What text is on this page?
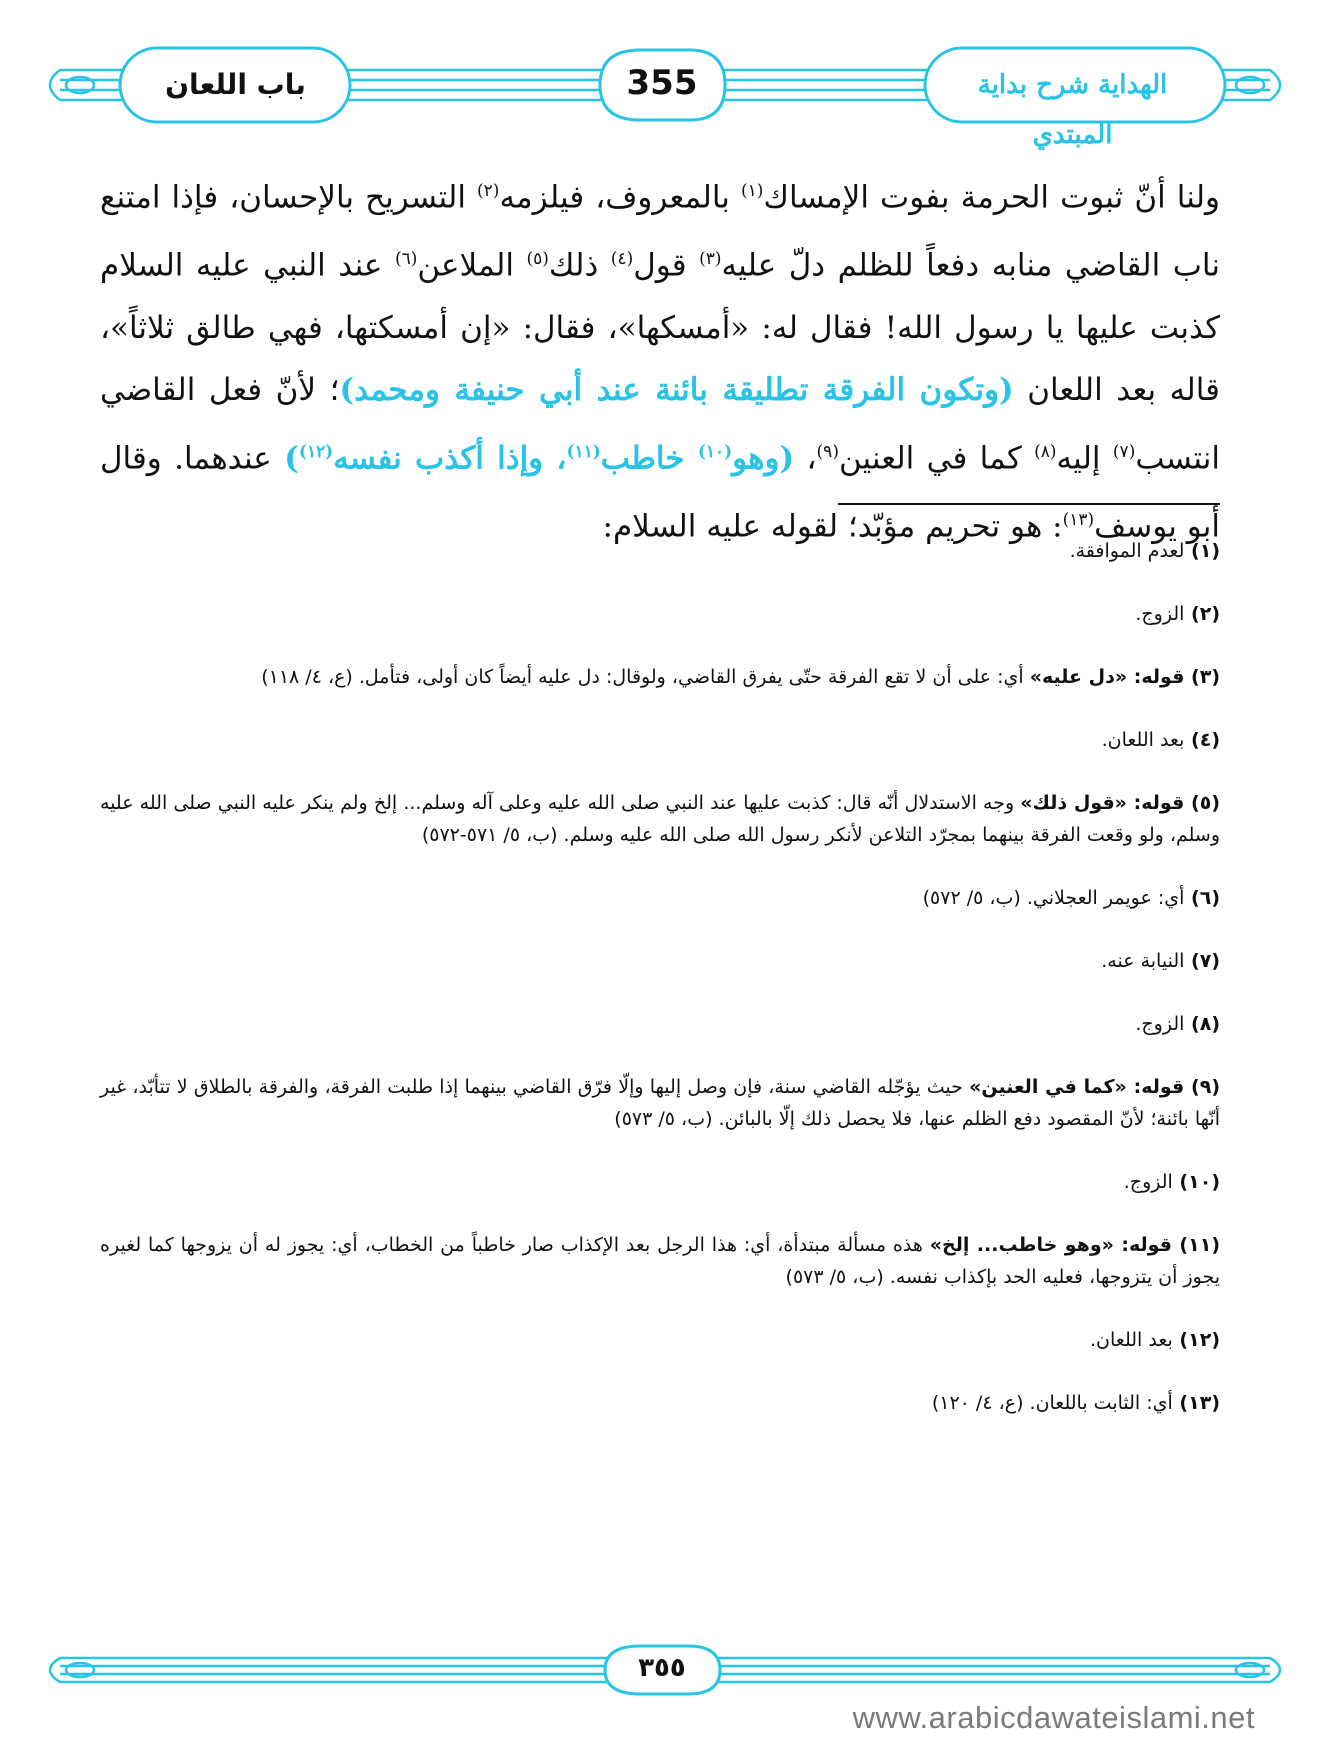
باب اللعان	355	الهداية شرح بداية المبتدي

ولنا أنّ ثبوت الحرمة بفوت الإمساك$^{(١)}$ بالمعروف، فيلزمه$^{(٢)}$ التسريح بالإحسان، فإذا امتنع ناب القاضي منابه دفعاً للظلم دلّ عليه$^{(٣)}$ قول$^{(٤)}$ ذلك$^{(٥)}$ الملاعن$^{(٦)}$ عند النبي عليه السلام كذبت عليها يا رسول الله! فقال له: «أمسكها»، فقال: «إن أمسكتها، فهي طالق ثلاثاً»، قاله بعد اللعان (وتكون الفرقة تطليقة بائنة عند أبي حنيفة ومحمد)؛ لأنّ فعل القاضي انتسب$^{(٧)}$ إليه$^{(٨)}$ كما في العنين$^{(٩)}$، (وهو$^{(١٠)}$ خاطب$^{(١١)}$، وإذا أكذب نفسه$^{(١٢)}$) عندهما. وقال أبو يوسف$^{(١٣)}$: هو تحريم مؤبّد؛ لقوله عليه السلام:

(١) لعدم الموافقة.

(٢) الزوج.

(٣) قوله: «دل عليه» أي: على أن لا تقع الفرقة حتّى يفرق القاضي، ولوقال: دل عليه أيضاً كان أولى، فتأمل. (ع، ٤/ ١١٨)

(٤) بعد اللعان.

(٥) قوله: «قول ذلك» وجه الاستدلال أنّه قال: كذبت عليها عند النبي صلى الله عليه وعلى آله وسلم... إلخ ولم ينكر عليه النبي صلى الله عليه وسلم، ولو وقعت الفرقة بينهما بمجرّد التلاعن لأنكر رسول الله صلى الله عليه وسلم. (ب، ٥/ ٥٧١-٥٧٢)

(٦) أي: عويمر العجلاني. (ب، ٥/ ٥٧٢)

(٧) النيابة عنه.

(٨) الزوج.

(٩) قوله: «كما في العنين» حيث يؤجّله القاضي سنة، فإن وصل إليها وإلّا فرّق القاضي بينهما إذا طلبت الفرقة، والفرقة بالطلاق لا تتأبّد، غير أنّها بائنة؛ لأنّ المقصود دفع الظلم عنها، فلا يحصل ذلك إلّا بالبائن. (ب، ٥/ ٥٧٣)

(١٠) الزوج.

(١١) قوله: «وهو خاطب... إلخ» هذه مسألة مبتدأة، أي: هذا الرجل بعد الإكذاب صار خاطباً من الخطاب، أي: يجوز له أن يزوجها كما لغيره يجوز أن يتزوجها، فعليه الحد بإكذاب نفسه. (ب، ٥/ ٥٧٣)

(١٢) بعد اللعان.

(١٣) أي: الثابت باللعان. (ع، ٤/ ١٢٠)

٣٥٥
www.arabicdawateislami.net
